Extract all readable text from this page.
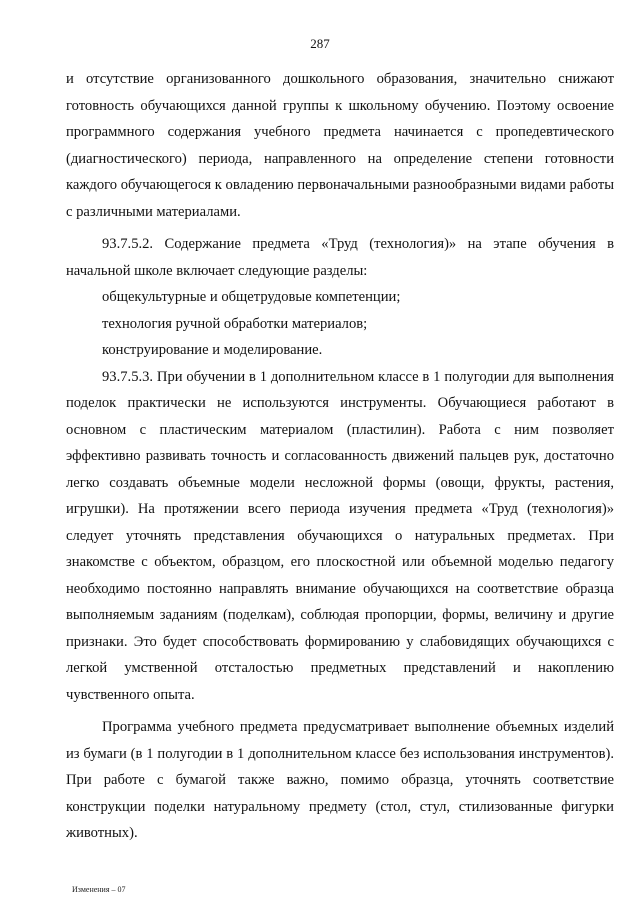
287

и отсутствие организованного дошкольного образования, значительно снижают готовность обучающихся данной группы к школьному обучению. Поэтому освоение программного содержания учебного предмета начинается с пропедевтического (диагностического) периода, направленного на определение степени готовности каждого обучающегося к овладению первоначальными разнообразными видами работы с различными материалами.

93.7.5.2. Содержание предмета «Труд (технология)» на этапе обучения в начальной школе включает следующие разделы:

общекультурные и общетрудовые компетенции;

технология ручной обработки материалов;

конструирование и моделирование.

93.7.5.3. При обучении в 1 дополнительном классе в 1 полугодии для выполнения поделок практически не используются инструменты. Обучающиеся работают в основном с пластическим материалом (пластилин). Работа с ним позволяет эффективно развивать точность и согласованность движений пальцев рук, достаточно легко создавать объемные модели несложной формы (овощи, фрукты, растения, игрушки). На протяжении всего периода изучения предмета «Труд (технология)» следует уточнять представления обучающихся о натуральных предметах. При знакомстве с объектом, образцом, его плоскостной или объемной моделью педагогу необходимо постоянно направлять внимание обучающихся на соответствие образца выполняемым заданиям (поделкам), соблюдая пропорции, формы, величину и другие признаки. Это будет способствовать формированию у слабовидящих обучающихся с легкой умственной отсталостью предметных представлений и накоплению чувственного опыта.

Программа учебного предмета предусматривает выполнение объемных изделий из бумаги (в 1 полугодии в 1 дополнительном классе без использования инструментов). При работе с бумагой также важно, помимо образца, уточнять соответствие конструкции поделки натуральному предмету (стол, стул, стилизованные фигурки животных).

Изменения – 07
